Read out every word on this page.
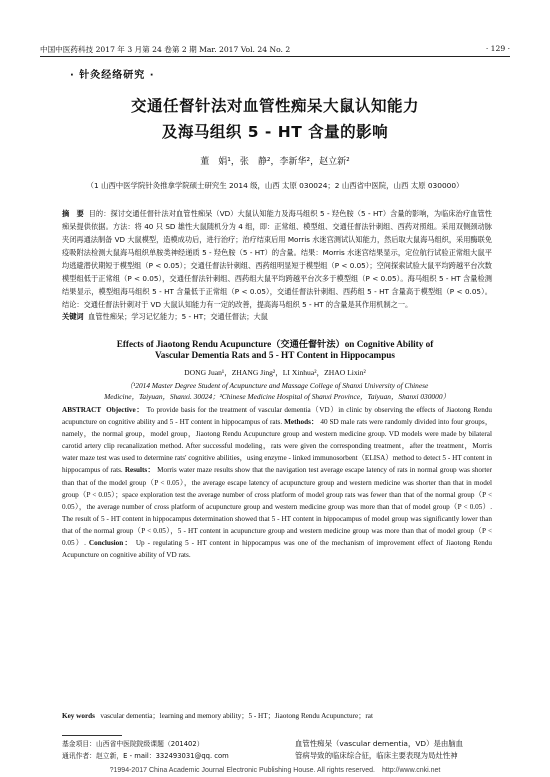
中国中医药科技 2017 年 3 月第 24 卷第 2 期 Mar. 2017 Vol. 24 No. 2	· 129 ·
· 针灸经络研究 ·
交通任督针法对血管性痴呆大鼠认知能力
及海马组织 5 - HT 含量的影响
董　娟¹，张　静²，李新华²，赵立新²
（1 山西中医学院针灸推拿学院硕士研究生 2014 级，山西 太原 030024；2 山西省中医院，山西 太原 030000）
摘　要 目的：探讨交通任督针法对血管性痴呆（VD）大鼠认知能力及海马组织 5 - 羟色胺（5 - HT）含量的影响，为临床治疗血管性痴呆提供依据。方法：将 40 只 SD 雄性大鼠随机分为 4 组，即：正常组、模型组、交通任督法针刺组、西药对照组。采用双侧颈动脉夹闭再通法制备 VD 大鼠模型，造模成功后，进行治疗；治疗结束后用 Morris 水迷宫测试认知能力，然后取大鼠海马组织，采用酶联免疫吸附法检测大鼠海马组织单胺类神经递质 5 - 羟色胺（5 - HT）的含量。结果：Morris 水迷宫结果显示，定位航行试验正常组大鼠平均逃避潜伏期短于模型组（P < 0.05）；交通任督法针刺组、西药组明显短于模型组（P < 0.05）；空间探索试验大鼠平均跨越平台次数模型组低于正常组（P < 0.05），交通任督法针刺组、西药组大鼠平均跨越平台次多于模型组（P < 0.05）。海马组织 5 - HT 含量检测结果显示，模型组海马组织 5 - HT 含量低于正常组（P < 0.05），交通任督法针刺组、西药组 5 - HT 含量高于模型组（P < 0.05）。结论：交通任督法针刺对于 VD 大鼠认知能力有一定的改善，提高海马组织 5 - HT 的含量是其作用机制之一。
关键词 血管性痴呆；学习记忆能力；5 - HT；交通任督法；大鼠
Effects of Jiaotong Rendu Acupuncture（交通任督针法）on Cognitive Ability of
Vascular Dementia Rats and 5 - HT Content in Hippocampus
DONG Juan¹，ZHANG Jing²，LI Xinhua²，ZHAO Lixin²
（¹2014 Master Degree Student of Acupuncture and Massage College of Shanxi University of Chinese
Medicine，Taiyuan，Shanxi. 30024；²Chinese Medicine Hospital of Shanxi Province，Taiyuan，Shanxi 030000）
ABSTRACT Objective： To provide basis for the treatment of vascular dementia（VD）in clinic by observing the effects of Jiaotong Rendu acupuncture on cognitive ability and 5 - HT content in hippocampus of rats. Methods： 40 SD male rats were randomly divided into four groups，namely，the normal group，model group，Jiaotong Rendu Acupuncture group and western medicine group. VD models were made by bilateral carotid artery clip recanalization method. After successful modeling，rats were given the corresponding treatment，after the treatment，Morris water maze test was used to determine rats' cognitive abilities，using enzyme - linked immunosorbent（ELISA）method to detect 5 - HT content in hippocampus of rats. Results： Morris water maze results show that the navigation test average escape latency of rats in normal group was shorter than that of the model group（P < 0.05），the average escape latency of acupuncture group and western medicine was shorter than that in model group（P < 0.05）；space exploration test the average number of cross platform of model group rats was fewer than that of the normal group（P < 0.05），the average number of cross platform of acupuncture group and western medicine group was more than that of model group（P < 0.05）. The result of 5 - HT content in hippocampus determination showed that 5 - HT content in hippocampus of model group was significantly lower than that of the normal group（P < 0.05），5 - HT content in acupuncture group and western medicine group was more than that of model group（P < 0.05）. Conclusion： Up - regulating 5 - HT content in hippocampus was one of the mechanism of improvement effect of Jiaotong Rendu Acupuncture on cognitive ability of VD rats.
Key words vascular dementia；learning and memory ability；5 - HT；Jiaotong Rendu Acupuncture；rat
基金项目：山西省中医院院级课题（201402）
通讯作者：赵立新，E - mail：332493031@qq. com
血管性痴呆（vascular dementia，VD）是由脑血
管病导致的临床综合征，临床主要表现为局灶性神
?1994-2017 China Academic Journal Electronic Publishing House. All rights reserved.　http://www.cnki.net
